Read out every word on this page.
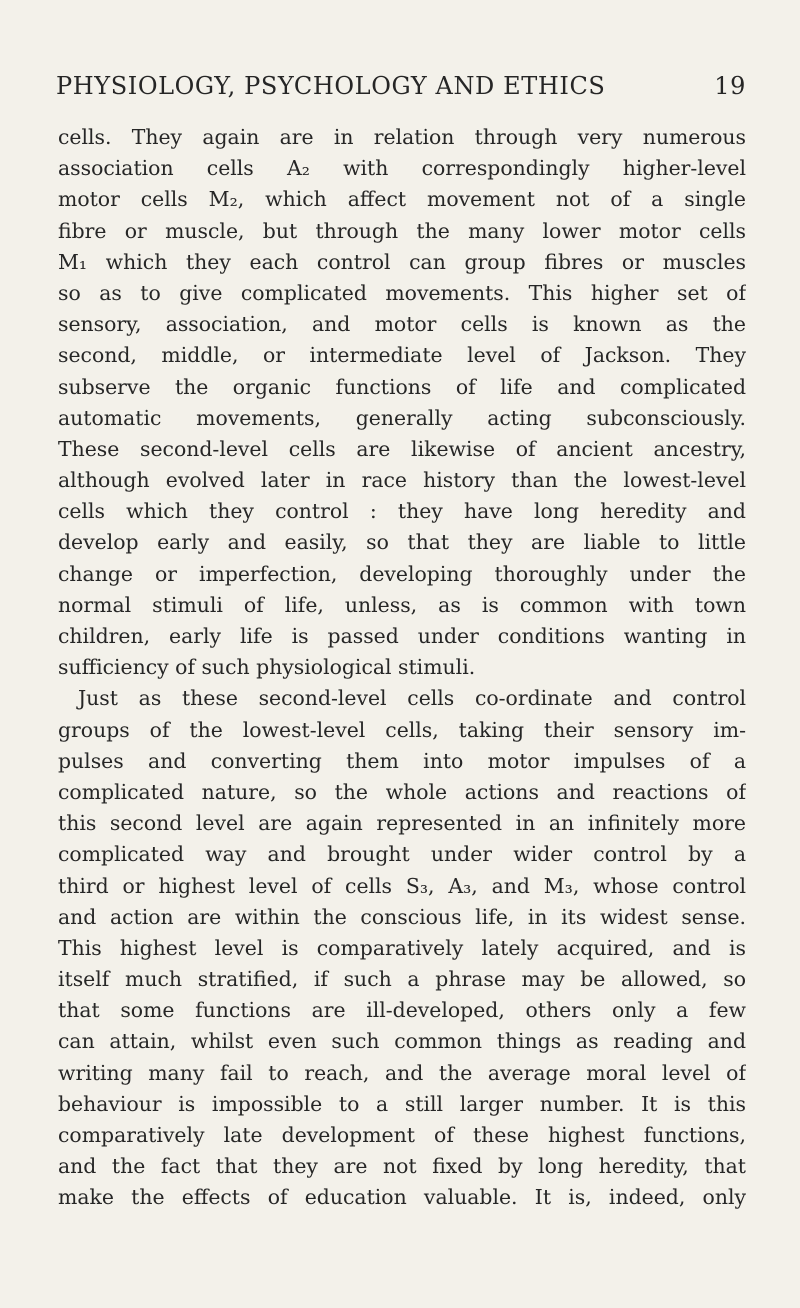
PHYSIOLOGY, PSYCHOLOGY AND ETHICS	19
cells. They again are in relation through very numerous
association cells A₂ with correspondingly higher-level
motor cells M₂, which affect movement not of a single
fibre or muscle, but through the many lower motor cells
M₁ which they each control can group fibres or muscles
so as to give complicated movements. This higher set of
sensory, association, and motor cells is known as the
second, middle, or intermediate level of Jackson. They
subserve the organic functions of life and complicated
automatic movements, generally acting subconsciously.
These second-level cells are likewise of ancient ancestry,
although evolved later in race history than the lowest-level
cells which they control : they have long heredity and
develop early and easily, so that they are liable to little
change or imperfection, developing thoroughly under the
normal stimuli of life, unless, as is common with town
children, early life is passed under conditions wanting in
sufficiency of such physiological stimuli.
Just as these second-level cells co-ordinate and control
groups of the lowest-level cells, taking their sensory im-
pulses and converting them into motor impulses of a
complicated nature, so the whole actions and reactions of
this second level are again represented in an infinitely more
complicated way and brought under wider control by a
third or highest level of cells S₃, A₃, and M₃, whose control
and action are within the conscious life, in its widest sense.
This highest level is comparatively lately acquired, and is
itself much stratified, if such a phrase may be allowed, so
that some functions are ill-developed, others only a few
can attain, whilst even such common things as reading and
writing many fail to reach, and the average moral level of
behaviour is impossible to a still larger number. It is this
comparatively late development of these highest functions,
and the fact that they are not fixed by long heredity, that
make the effects of education valuable. It is, indeed, only
